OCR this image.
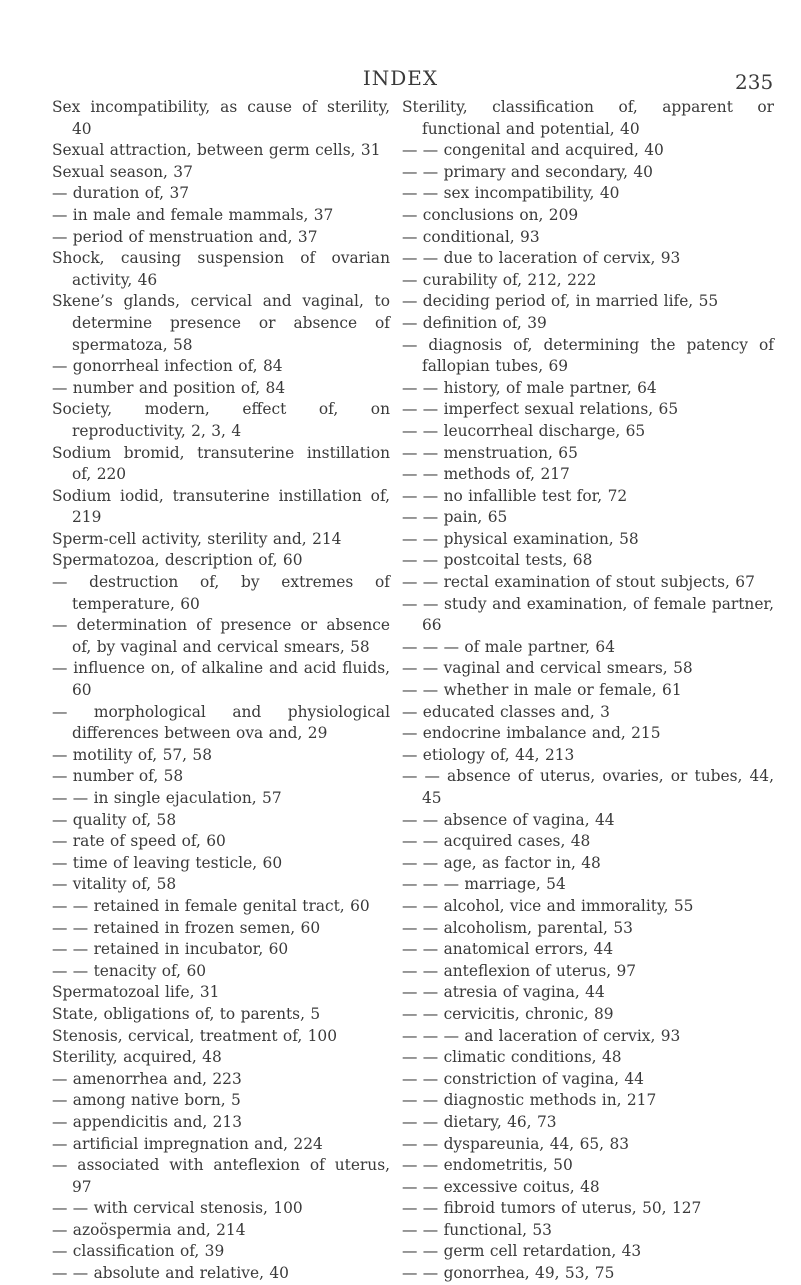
INDEX	235
Sex incompatibility, as cause of sterility, 40
Sexual attraction, between germ cells, 31
Sexual season, 37
— duration of, 37
— in male and female mammals, 37
— period of menstruation and, 37
Shock, causing suspension of ovarian activity, 46
Skene’s glands, cervical and vaginal, to determine presence or absence of spermatoza, 58
— gonorrheal infection of, 84
— number and position of, 84
Society, modern, effect of, on reproductivity, 2, 3, 4
Sodium bromid, transuterine instillation of, 220
Sodium iodid, transuterine instillation of, 219
Sperm-cell activity, sterility and, 214
Spermatozoa, description of, 60
— destruction of, by extremes of temperature, 60
— determination of presence or absence of, by vaginal and cervical smears, 58
— influence on, of alkaline and acid fluids, 60
— morphological and physiological differences between ova and, 29
— motility of, 57, 58
— number of, 58
— — in single ejaculation, 57
— quality of, 58
— rate of speed of, 60
— time of leaving testicle, 60
— vitality of, 58
— — retained in female genital tract, 60
— — retained in frozen semen, 60
— — retained in incubator, 60
— — tenacity of, 60
Spermatozoal life, 31
State, obligations of, to parents, 5
Stenosis, cervical, treatment of, 100
Sterility, acquired, 48
— amenorrhea and, 223
— among native born, 5
— appendicitis and, 213
— artificial impregnation and, 224
— associated with anteflexion of uterus, 97
— — with cervical stenosis, 100
— azoöspermia and, 214
— classification of, 39
— — absolute and relative, 40
Sterility, classification of, apparent or functional and potential, 40
— — congenital and acquired, 40
— — primary and secondary, 40
— — sex incompatibility, 40
— conclusions on, 209
— conditional, 93
— — due to laceration of cervix, 93
— curability of, 212, 222
— deciding period of, in married life, 55
— definition of, 39
— diagnosis of, determining the patency of fallopian tubes, 69
— — history, of male partner, 64
— — imperfect sexual relations, 65
— — leucorrheal discharge, 65
— — menstruation, 65
— — methods of, 217
— — no infallible test for, 72
— — pain, 65
— — physical examination, 58
— — postcoital tests, 68
— — rectal examination of stout subjects, 67
— — study and examination, of female partner, 66
— — — of male partner, 64
— — vaginal and cervical smears, 58
— — whether in male or female, 61
— educated classes and, 3
— endocrine imbalance and, 215
— etiology of, 44, 213
— — absence of uterus, ovaries, or tubes, 44, 45
— — absence of vagina, 44
— — acquired cases, 48
— — age, as factor in, 48
— — — marriage, 54
— — alcohol, vice and immorality, 55
— — alcoholism, parental, 53
— — anatomical errors, 44
— — anteflexion of uterus, 97
— — atresia of vagina, 44
— — cervicitis, chronic, 89
— — — and laceration of cervix, 93
— — climatic conditions, 48
— — constriction of vagina, 44
— — diagnostic methods in, 217
— — dietary, 46, 73
— — dyspareunia, 44, 65, 83
— — endometritis, 50
— — excessive coitus, 48
— — fibroid tumors of uterus, 50, 127
— — functional, 53
— — germ cell retardation, 43
— — gonorrhea, 49, 53, 75
